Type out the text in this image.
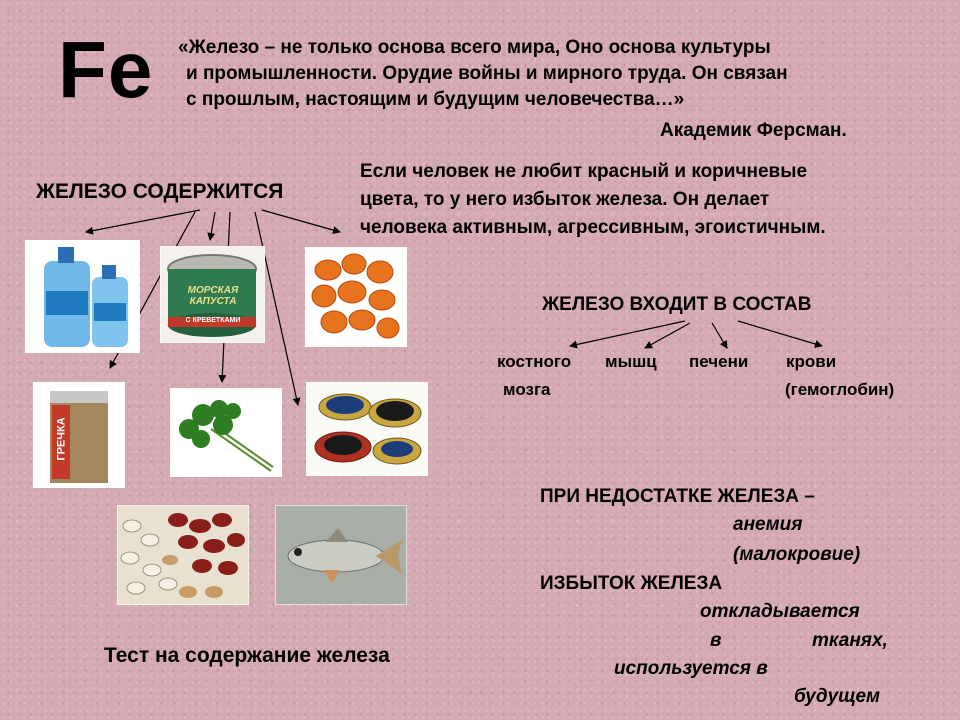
Fe «Железо – не только основа всего мира, Оно основа культуры
и промышленности. Орудие войны и мирного труда. Он связан
с прошлым, настоящим и будущим человечества…»
Академик Ферсман.
ЖЕЛЕЗО СОДЕРЖИТСЯ
Если человек не любит красный и коричневые
цвета, то у него избыток железа. Он делает
человека активным, агрессивным, эгоистичным.
МОРСКАЯ КАПУСТА
С КРЕВЕТКАМИ
ГРЕЧКА
ЖЕЛЕЗО ВХОДИТ В СОСТАВ
костного мышц печени крови
мозга	(гемоглобин)
ПРИ НЕДОСТАТКЕ ЖЕЛЕЗА –
анемия
(малокровие)
ИЗБЫТОК ЖЕЛЕЗА
откладывается
в	тканях,
используется в
будущем
Тест на содержание железа
